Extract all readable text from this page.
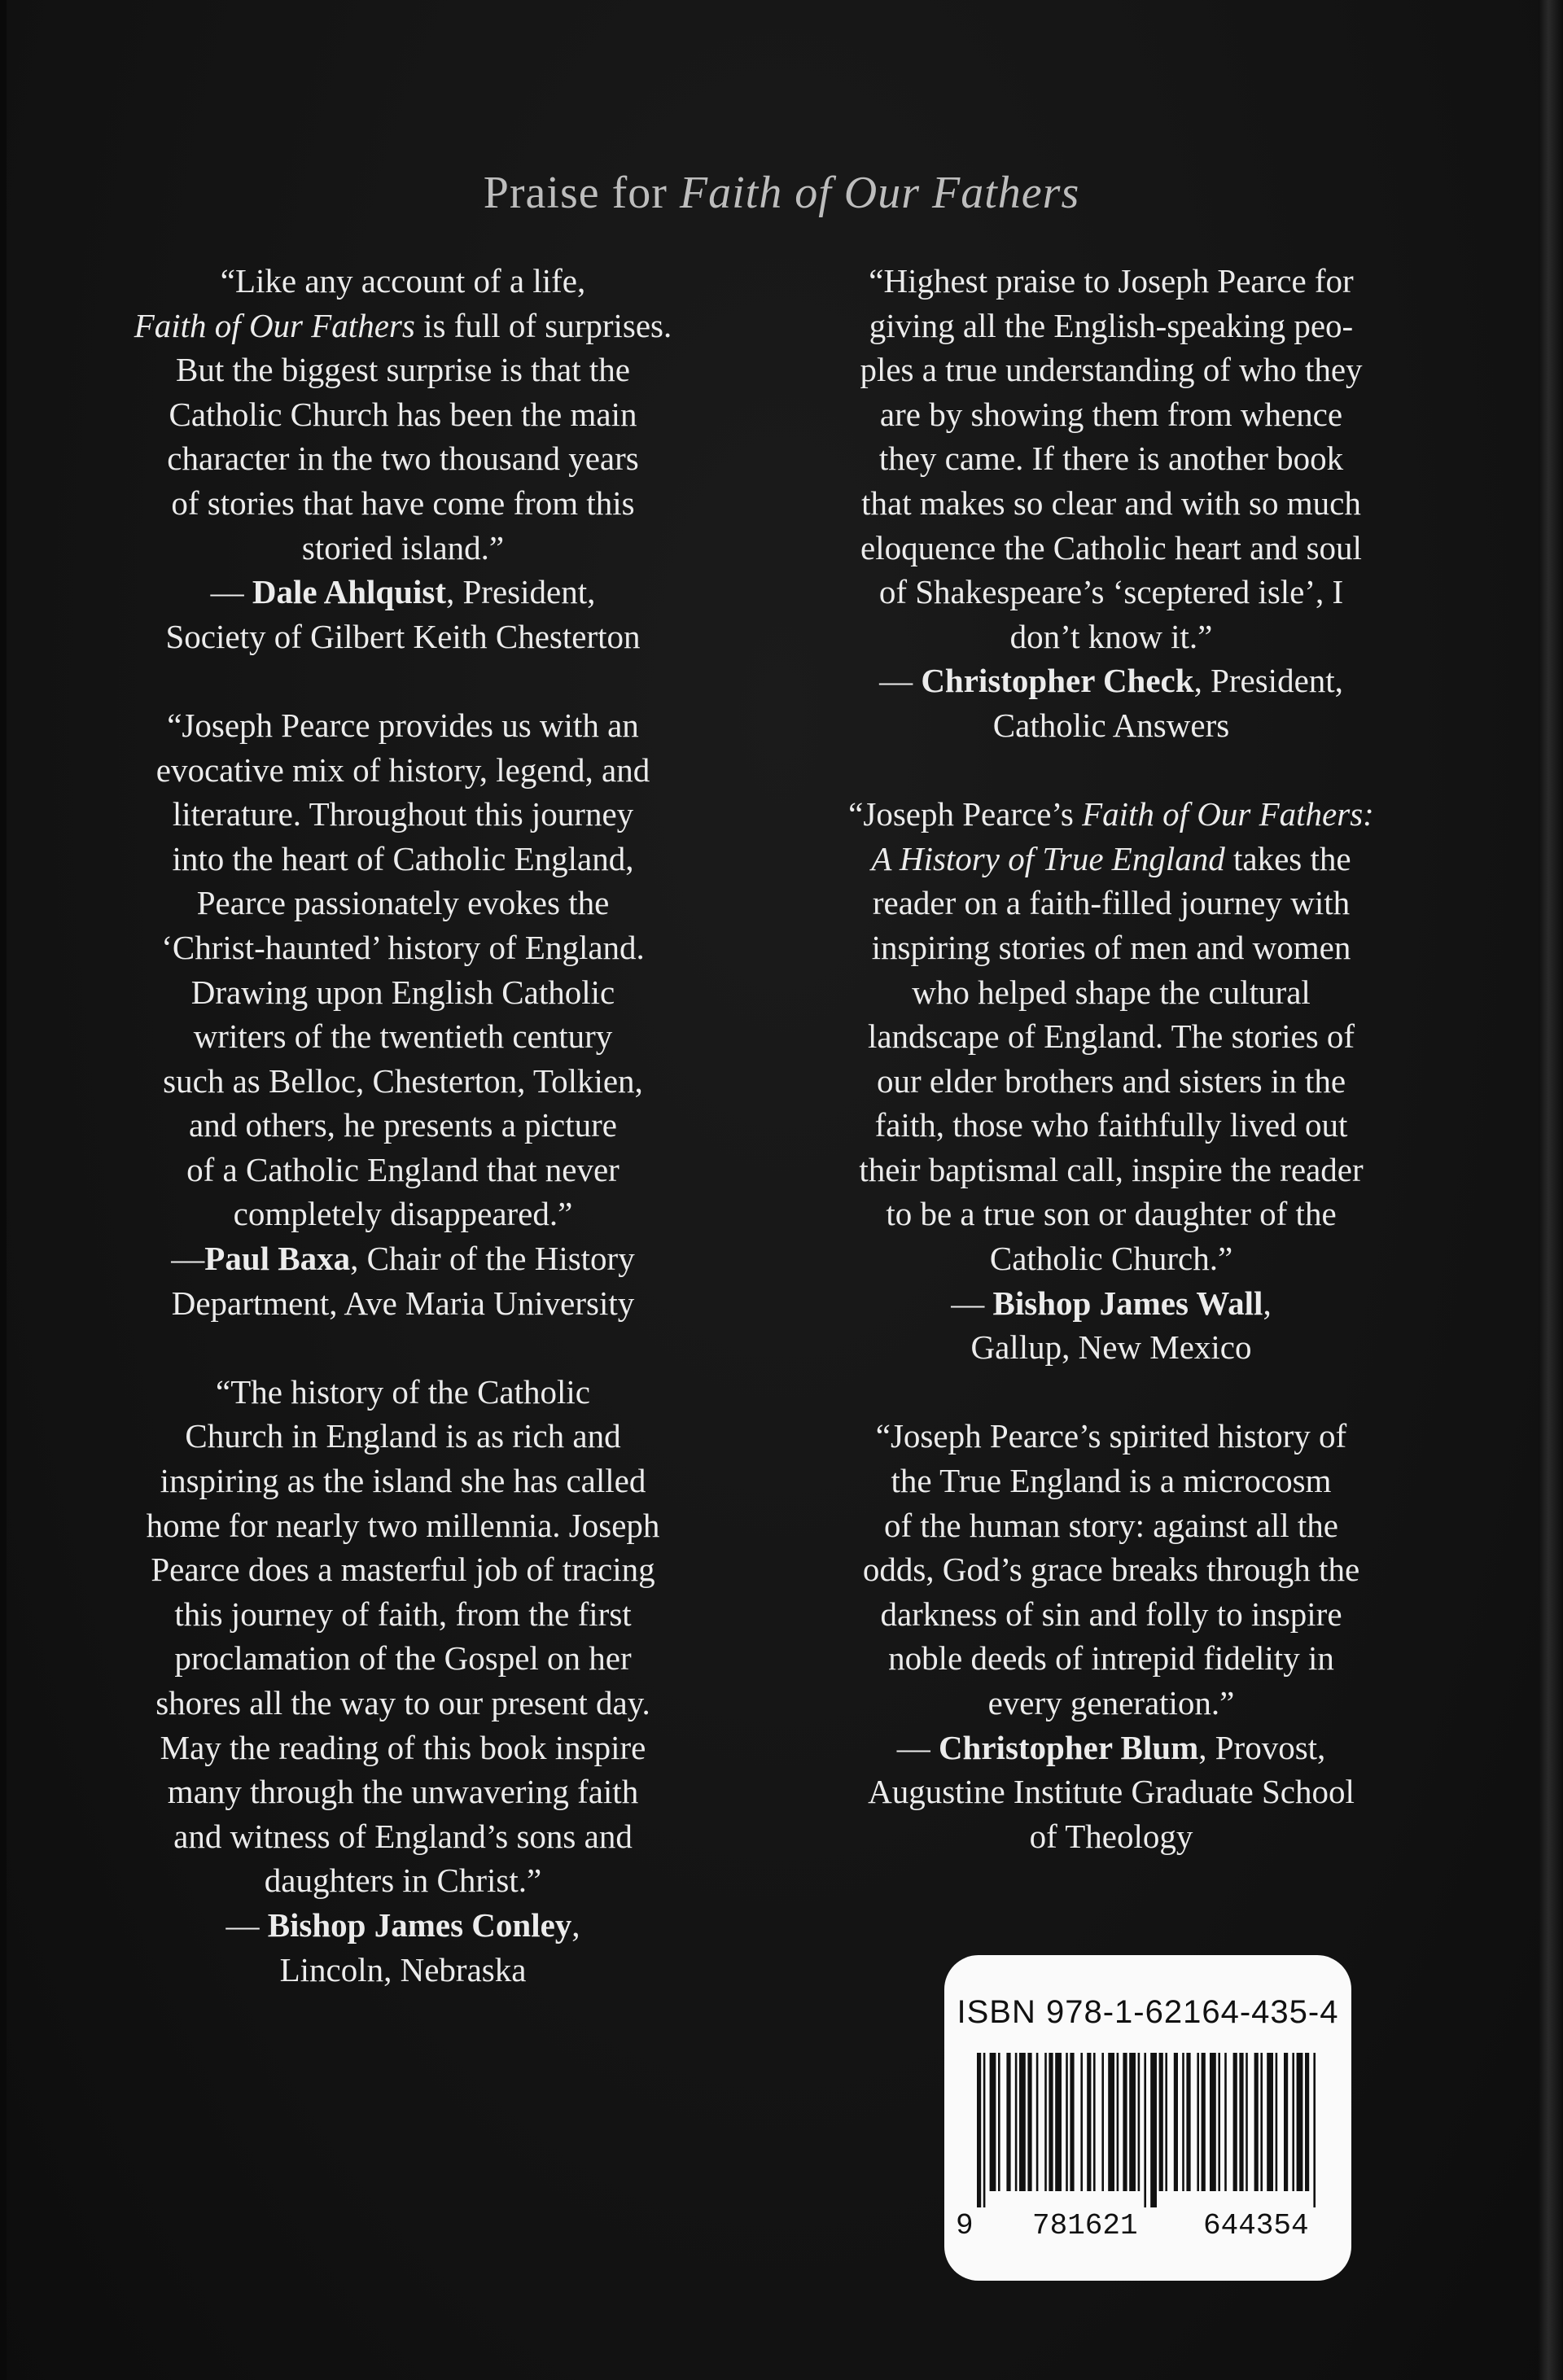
Praise for Faith of Our Fathers

“Like any account of a life,

Faith of Our Fathers is full of surprises.

But the biggest surprise is that the

Catholic Church has been the main

character in the two thousand years

of stories that have come from this

storied island.”

— Dale Ahlquist, President,

Society of Gilbert Keith Chesterton

“Joseph Pearce provides us with an

evocative mix of history, legend, and

literature. Throughout this journey

into the heart of Catholic England,

Pearce passionately evokes the

‘Christ-haunted’ history of England.

Drawing upon English Catholic

writers of the twentieth century

such as Belloc, Chesterton, Tolkien,

and others, he presents a picture

of a Catholic England that never

completely disappeared.”

—Paul Baxa, Chair of the History

Department, Ave Maria University

“The history of the Catholic

Church in England is as rich and

inspiring as the island she has called

home for nearly two millennia. Joseph

Pearce does a masterful job of tracing

this journey of faith, from the first

proclamation of the Gospel on her

shores all the way to our present day.

May the reading of this book inspire

many through the unwavering faith

and witness of England’s sons and

daughters in Christ.”

— Bishop James Conley,

Lincoln, Nebraska

“Highest praise to Joseph Pearce for

giving all the English-speaking peo-

ples a true understanding of who they

are by showing them from whence

they came. If there is another book

that makes so clear and with so much

eloquence the Catholic heart and soul

of Shakespeare’s ‘sceptered isle’, I

don’t know it.”

— Christopher Check, President,

Catholic Answers

“Joseph Pearce’s Faith of Our Fathers:

A History of True England takes the

reader on a faith-filled journey with

inspiring stories of men and women

who helped shape the cultural

landscape of England. The stories of

our elder brothers and sisters in the

faith, those who faithfully lived out

their baptismal call, inspire the reader

to be a true son or daughter of the

Catholic Church.”

— Bishop James Wall,

Gallup, New Mexico

“Joseph Pearce’s spirited history of

the True England is a microcosm

of the human story: against all the

odds, God’s grace breaks through the

darkness of sin and folly to inspire

noble deeds of intrepid fidelity in

every generation.”

— Christopher Blum, Provost,

Augustine Institute Graduate School

of Theology

ISBN 978-1-62164-435-4
9 781621 644354
